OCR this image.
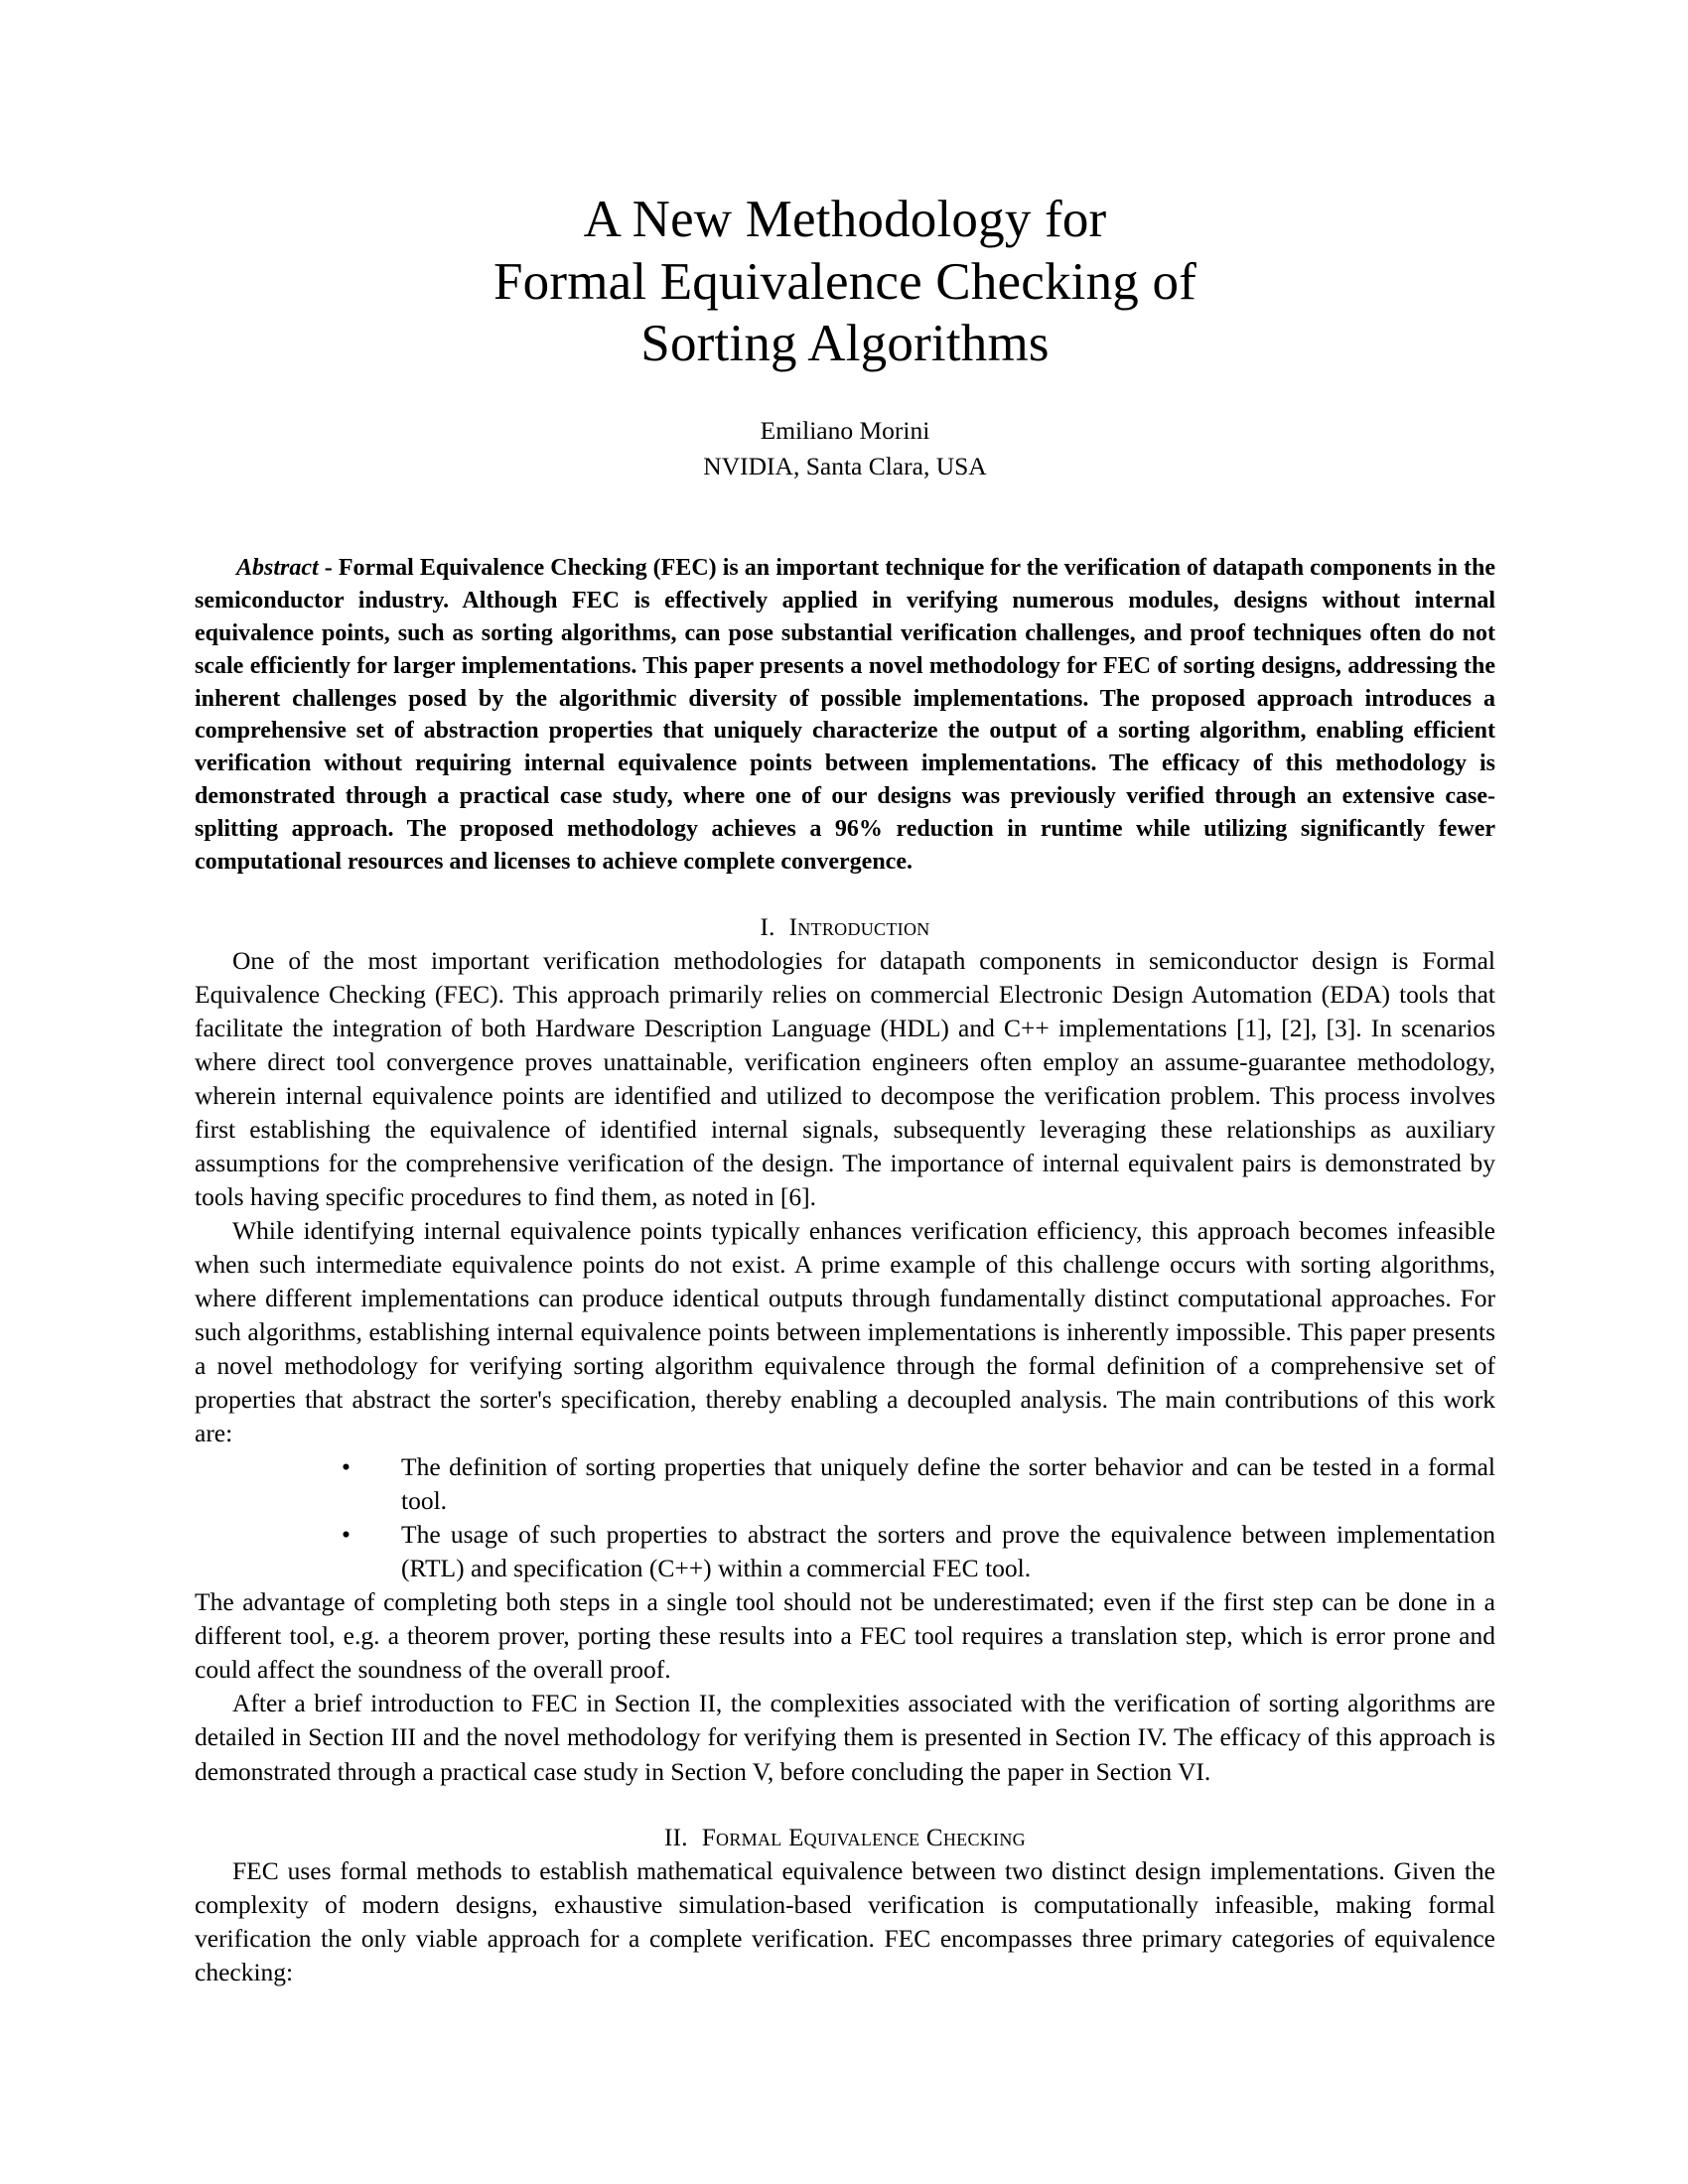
A New Methodology for
Formal Equivalence Checking of
Sorting Algorithms
Emiliano Morini
NVIDIA, Santa Clara, USA
Abstract - Formal Equivalence Checking (FEC) is an important technique for the verification of datapath components in the semiconductor industry. Although FEC is effectively applied in verifying numerous modules, designs without internal equivalence points, such as sorting algorithms, can pose substantial verification challenges, and proof techniques often do not scale efficiently for larger implementations. This paper presents a novel methodology for FEC of sorting designs, addressing the inherent challenges posed by the algorithmic diversity of possible implementations. The proposed approach introduces a comprehensive set of abstraction properties that uniquely characterize the output of a sorting algorithm, enabling efficient verification without requiring internal equivalence points between implementations. The efficacy of this methodology is demonstrated through a practical case study, where one of our designs was previously verified through an extensive case-splitting approach. The proposed methodology achieves a 96% reduction in runtime while utilizing significantly fewer computational resources and licenses to achieve complete convergence.
I. Introduction

One of the most important verification methodologies for datapath components in semiconductor design is Formal Equivalence Checking (FEC). This approach primarily relies on commercial Electronic Design Automation (EDA) tools that facilitate the integration of both Hardware Description Language (HDL) and C++ implementations [1], [2], [3]. In scenarios where direct tool convergence proves unattainable, verification engineers often employ an assume-guarantee methodology, wherein internal equivalence points are identified and utilized to decompose the verification problem. This process involves first establishing the equivalence of identified internal signals, subsequently leveraging these relationships as auxiliary assumptions for the comprehensive verification of the design. The importance of internal equivalent pairs is demonstrated by tools having specific procedures to find them, as noted in [6].

While identifying internal equivalence points typically enhances verification efficiency, this approach becomes infeasible when such intermediate equivalence points do not exist. A prime example of this challenge occurs with sorting algorithms, where different implementations can produce identical outputs through fundamentally distinct computational approaches. For such algorithms, establishing internal equivalence points between implementations is inherently impossible. This paper presents a novel methodology for verifying sorting algorithm equivalence through the formal definition of a comprehensive set of properties that abstract the sorter's specification, thereby enabling a decoupled analysis. The main contributions of this work are:

• The definition of sorting properties that uniquely define the sorter behavior and can be tested in a formal tool.
• The usage of such properties to abstract the sorters and prove the equivalence between implementation (RTL) and specification (C++) within a commercial FEC tool.

The advantage of completing both steps in a single tool should not be underestimated; even if the first step can be done in a different tool, e.g. a theorem prover, porting these results into a FEC tool requires a translation step, which is error prone and could affect the soundness of the overall proof.

After a brief introduction to FEC in Section II, the complexities associated with the verification of sorting algorithms are detailed in Section III and the novel methodology for verifying them is presented in Section IV. The efficacy of this approach is demonstrated through a practical case study in Section V, before concluding the paper in Section VI.

II. Formal Equivalence Checking

FEC uses formal methods to establish mathematical equivalence between two distinct design implementations. Given the complexity of modern designs, exhaustive simulation-based verification is computationally infeasible, making formal verification the only viable approach for a complete verification. FEC encompasses three primary categories of equivalence checking:
